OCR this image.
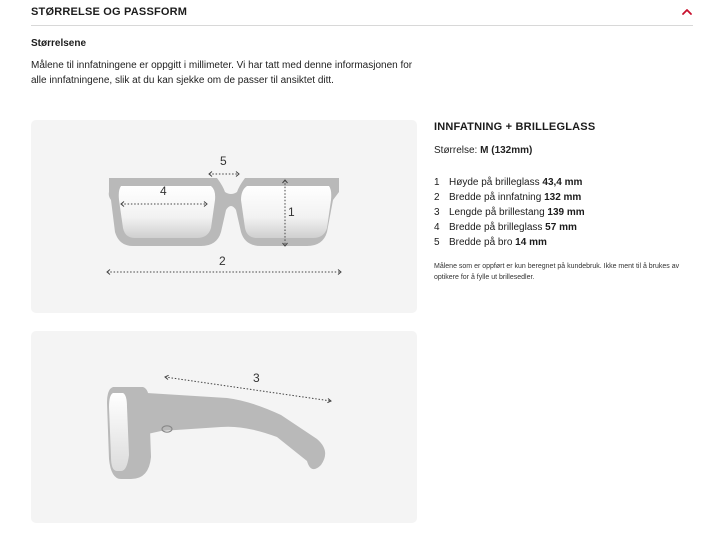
STØRRELSE OG PASSFORM
Størrelsene
Målene til innfatningene er oppgitt i millimeter. Vi har tatt med denne informasjonen for alle innfatningene, slik at du kan sjekke om de passer til ansiktet ditt.
5
4
1
2
3
INNFATNING + BRILLEGLASS
Størrelse: M (132mm)
1 Høyde på brilleglass
43,4 mm
2 Bredde på innfatning
132 mm
3 Lengde på brillestang
139 mm
4 Bredde på brilleglass
57 mm
5 Bredde på bro
14 mm
Målene som er oppført er kun beregnet på kundebruk. Ikke ment til å brukes av optikere for å fylle ut brillesedler.
